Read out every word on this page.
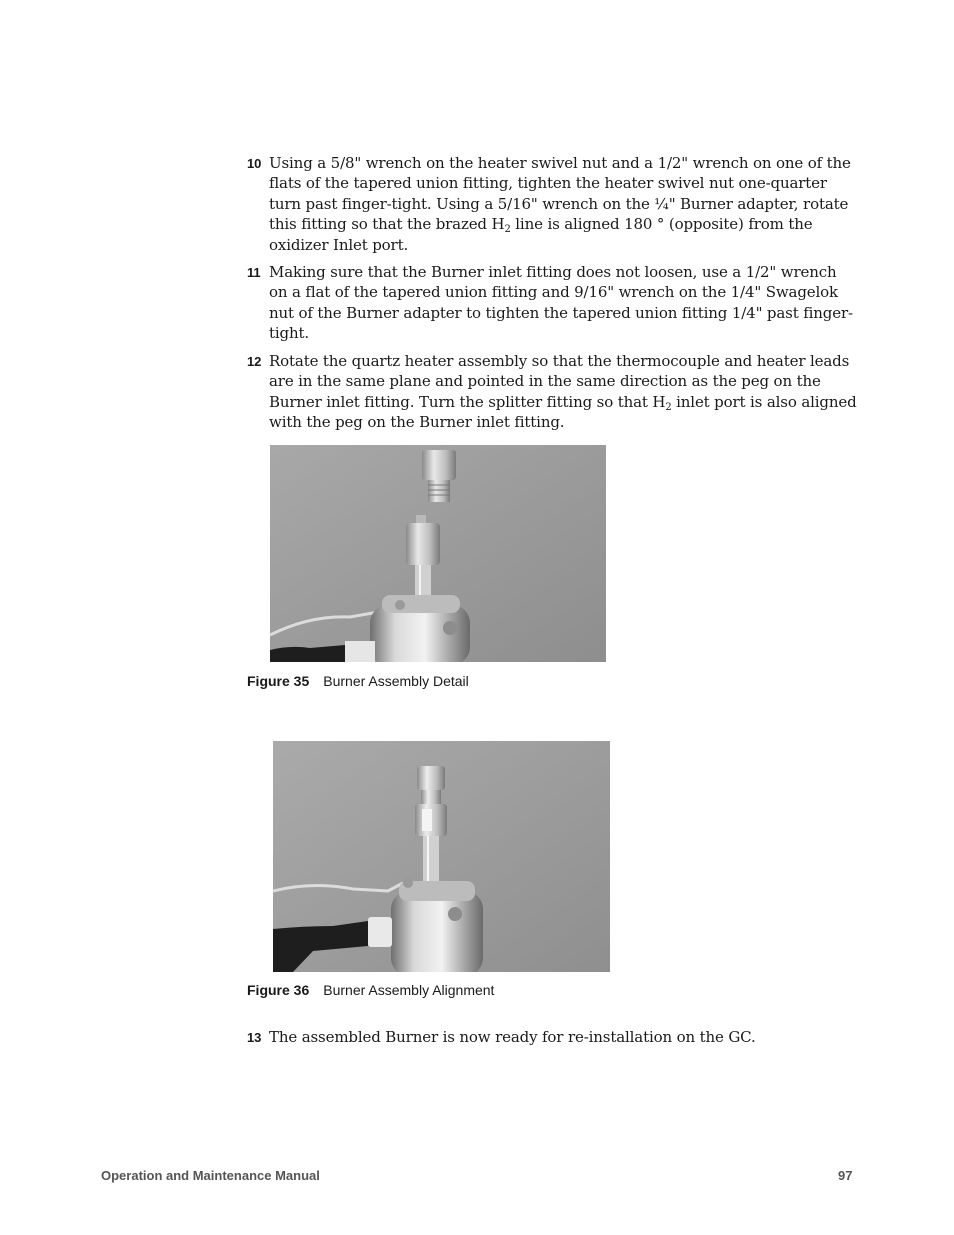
10 Using a 5/8" wrench on the heater swivel nut and a 1/2" wrench on one of the flats of the tapered union fitting, tighten the heater swivel nut one-quarter turn past finger-tight. Using a 5/16" wrench on the ¼" Burner adapter, rotate this fitting so that the brazed $H_2$ line is aligned 180 ° (opposite) from the oxidizer Inlet port.
11 Making sure that the Burner inlet fitting does not loosen, use a 1/2" wrench on a flat of the tapered union fitting and 9/16" wrench on the 1/4" Swagelok nut of the Burner adapter to tighten the tapered union fitting 1/4" past finger-tight.
12 Rotate the quartz heater assembly so that the thermocouple and heater leads are in the same plane and pointed in the same direction as the peg on the Burner inlet fitting. Turn the splitter fitting so that $H_2$ inlet port is also aligned with the peg on the Burner inlet fitting.
Figure 35 Burner Assembly Detail
Figure 36 Burner Assembly Alignment
13 The assembled Burner is now ready for re-installation on the GC.
Operation and Maintenance Manual	97
